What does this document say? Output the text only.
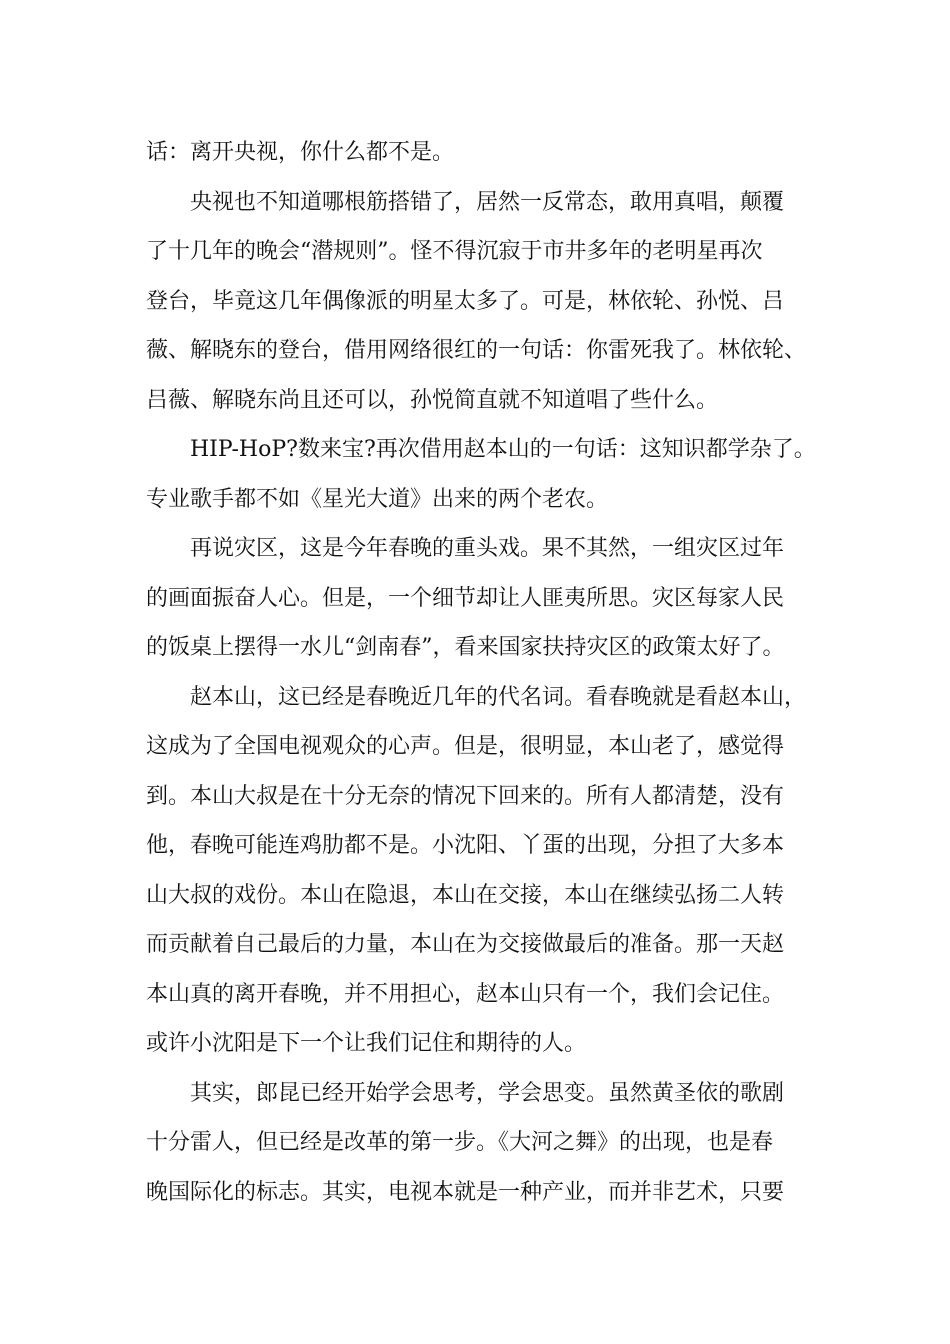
话：离开央视，你什么都不是。
央视也不知道哪根筋搭错了，居然一反常态，敢用真唱，颠覆
了十几年的晚会“潜规则”。怪不得沉寂于市井多年的老明星再次
登台，毕竟这几年偶像派的明星太多了。可是，林依轮、孙悦、吕
薇、解晓东的登台，借用网络很红的一句话：你雷死我了。林依轮、
吕薇、解晓东尚且还可以，孙悦简直就不知道唱了些什么。
HIP-HoP?数来宝?再次借用赵本山的一句话：这知识都学杂了。
专业歌手都不如《星光大道》出来的两个老农。
再说灾区，这是今年春晚的重头戏。果不其然，一组灾区过年
的画面振奋人心。但是，一个细节却让人匪夷所思。灾区每家人民
的饭桌上摆得一水儿“剑南春”，看来国家扶持灾区的政策太好了。
赵本山，这已经是春晚近几年的代名词。看春晚就是看赵本山，
这成为了全国电视观众的心声。但是，很明显，本山老了，感觉得
到。本山大叔是在十分无奈的情况下回来的。所有人都清楚，没有
他，春晚可能连鸡肋都不是。小沈阳、丫蛋的出现，分担了大多本
山大叔的戏份。本山在隐退，本山在交接，本山在继续弘扬二人转
而贡献着自己最后的力量，本山在为交接做最后的准备。那一天赵
本山真的离开春晚，并不用担心，赵本山只有一个，我们会记住。
或许小沈阳是下一个让我们记住和期待的人。
其实，郎昆已经开始学会思考，学会思变。虽然黄圣依的歌剧
十分雷人，但已经是改革的第一步。《大河之舞》的出现，也是春
晚国际化的标志。其实，电视本就是一种产业，而并非艺术，只要
